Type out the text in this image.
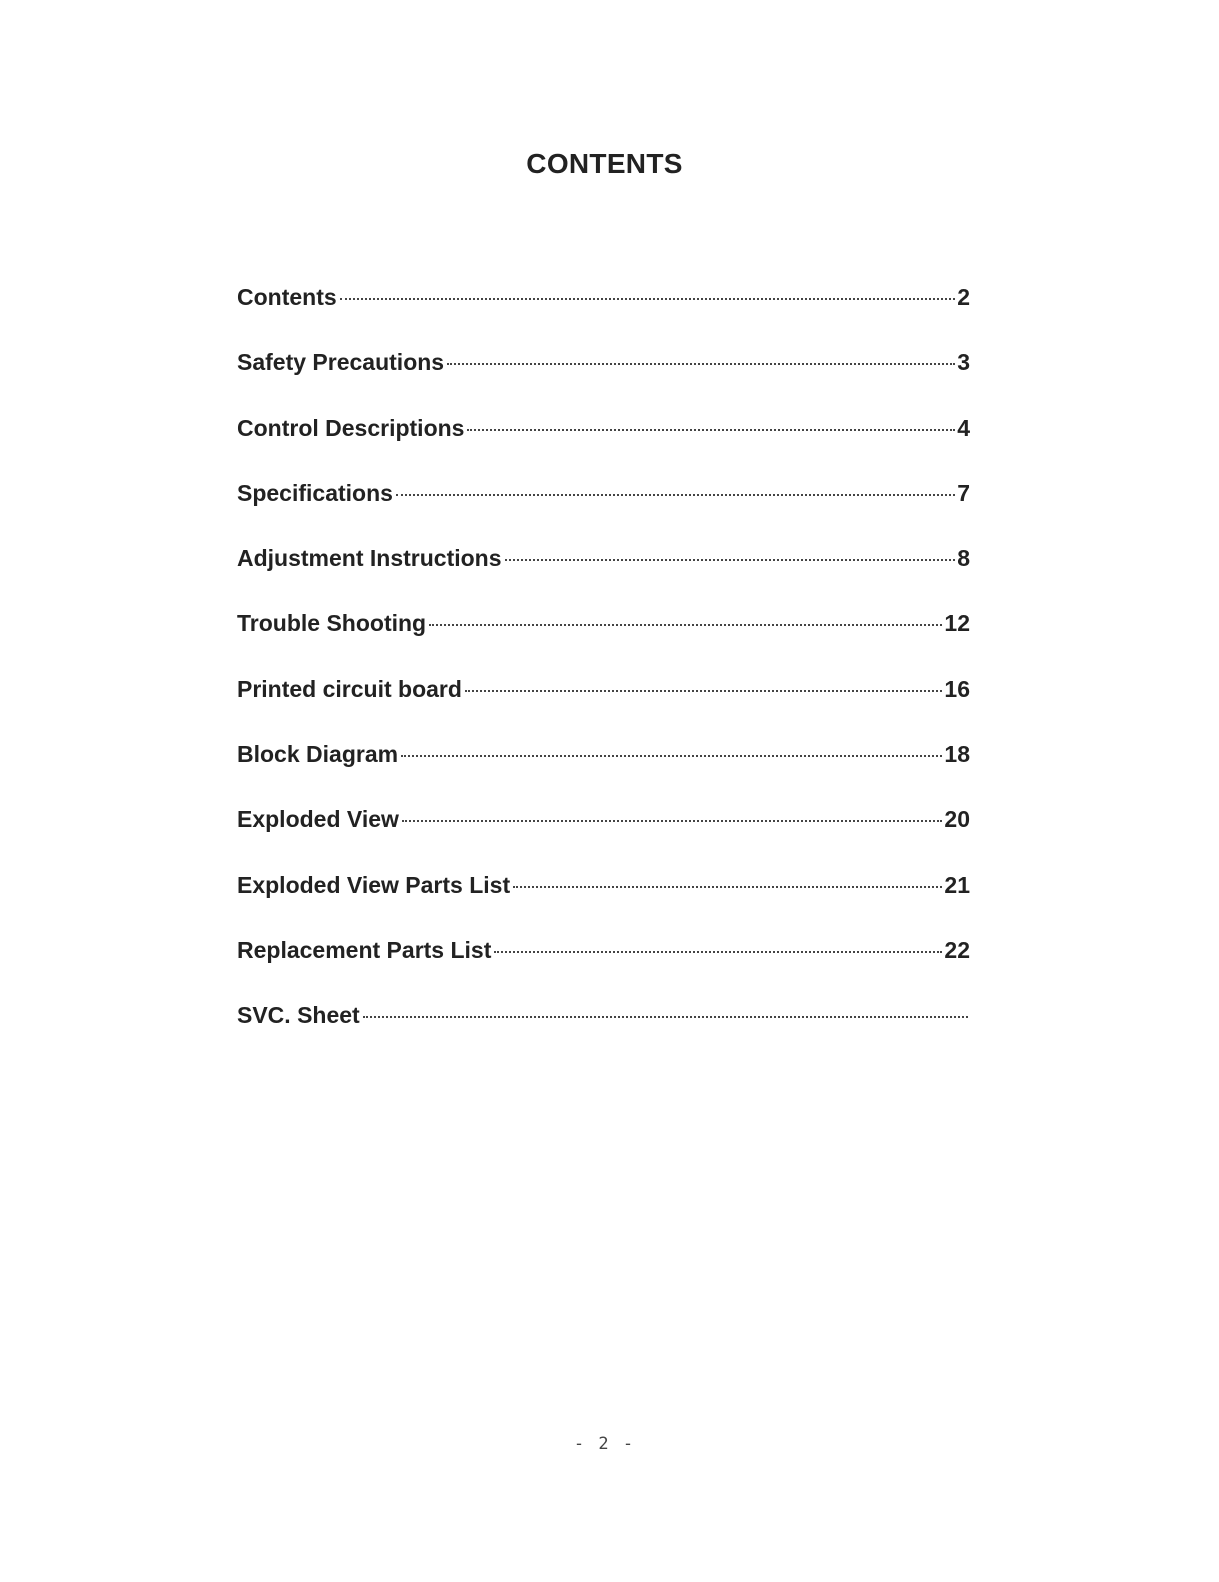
CONTENTS
Contents	2
Safety Precautions	3
Control Descriptions	4
Specifications	7
Adjustment Instructions	8
Trouble Shooting	12
Printed circuit board	16
Block Diagram	18
Exploded View	20
Exploded View Parts List	21
Replacement Parts List	22
SVC. Sheet
- 2 -
